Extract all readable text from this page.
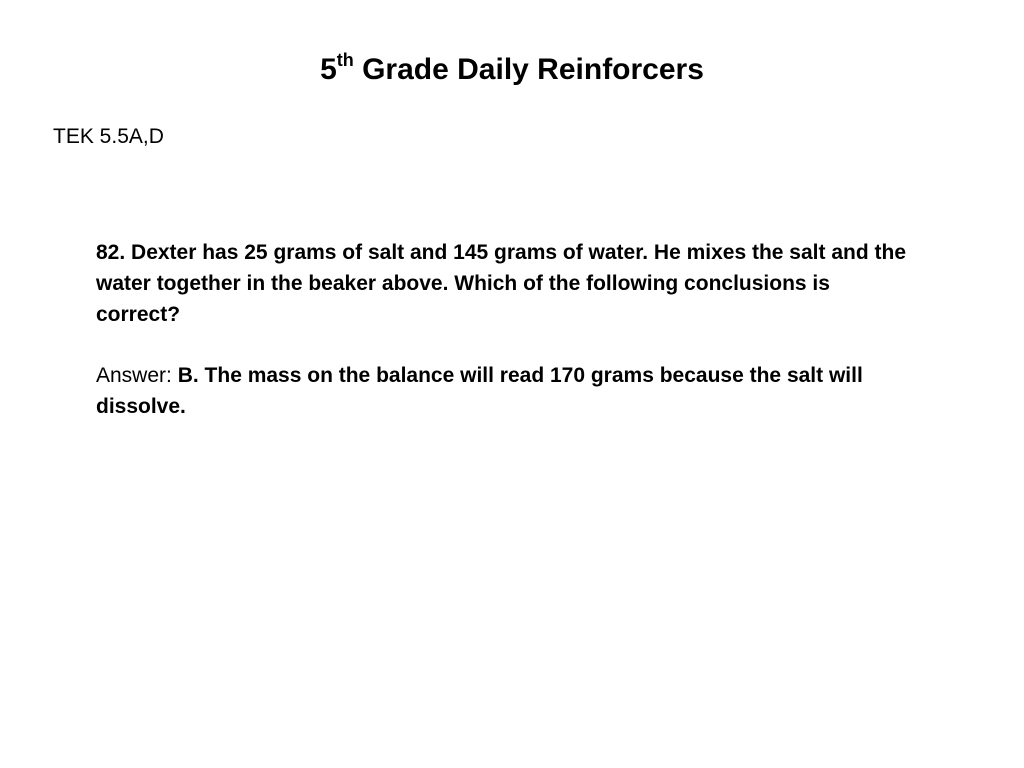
5th Grade Daily Reinforcers
TEK 5.5A,D

82. Dexter has 25 grams of salt and 145 grams of water. He mixes the salt and the water together in the beaker above. Which of the following conclusions is correct?

Answer: B. The mass on the balance will read 170 grams because the salt will dissolve.
